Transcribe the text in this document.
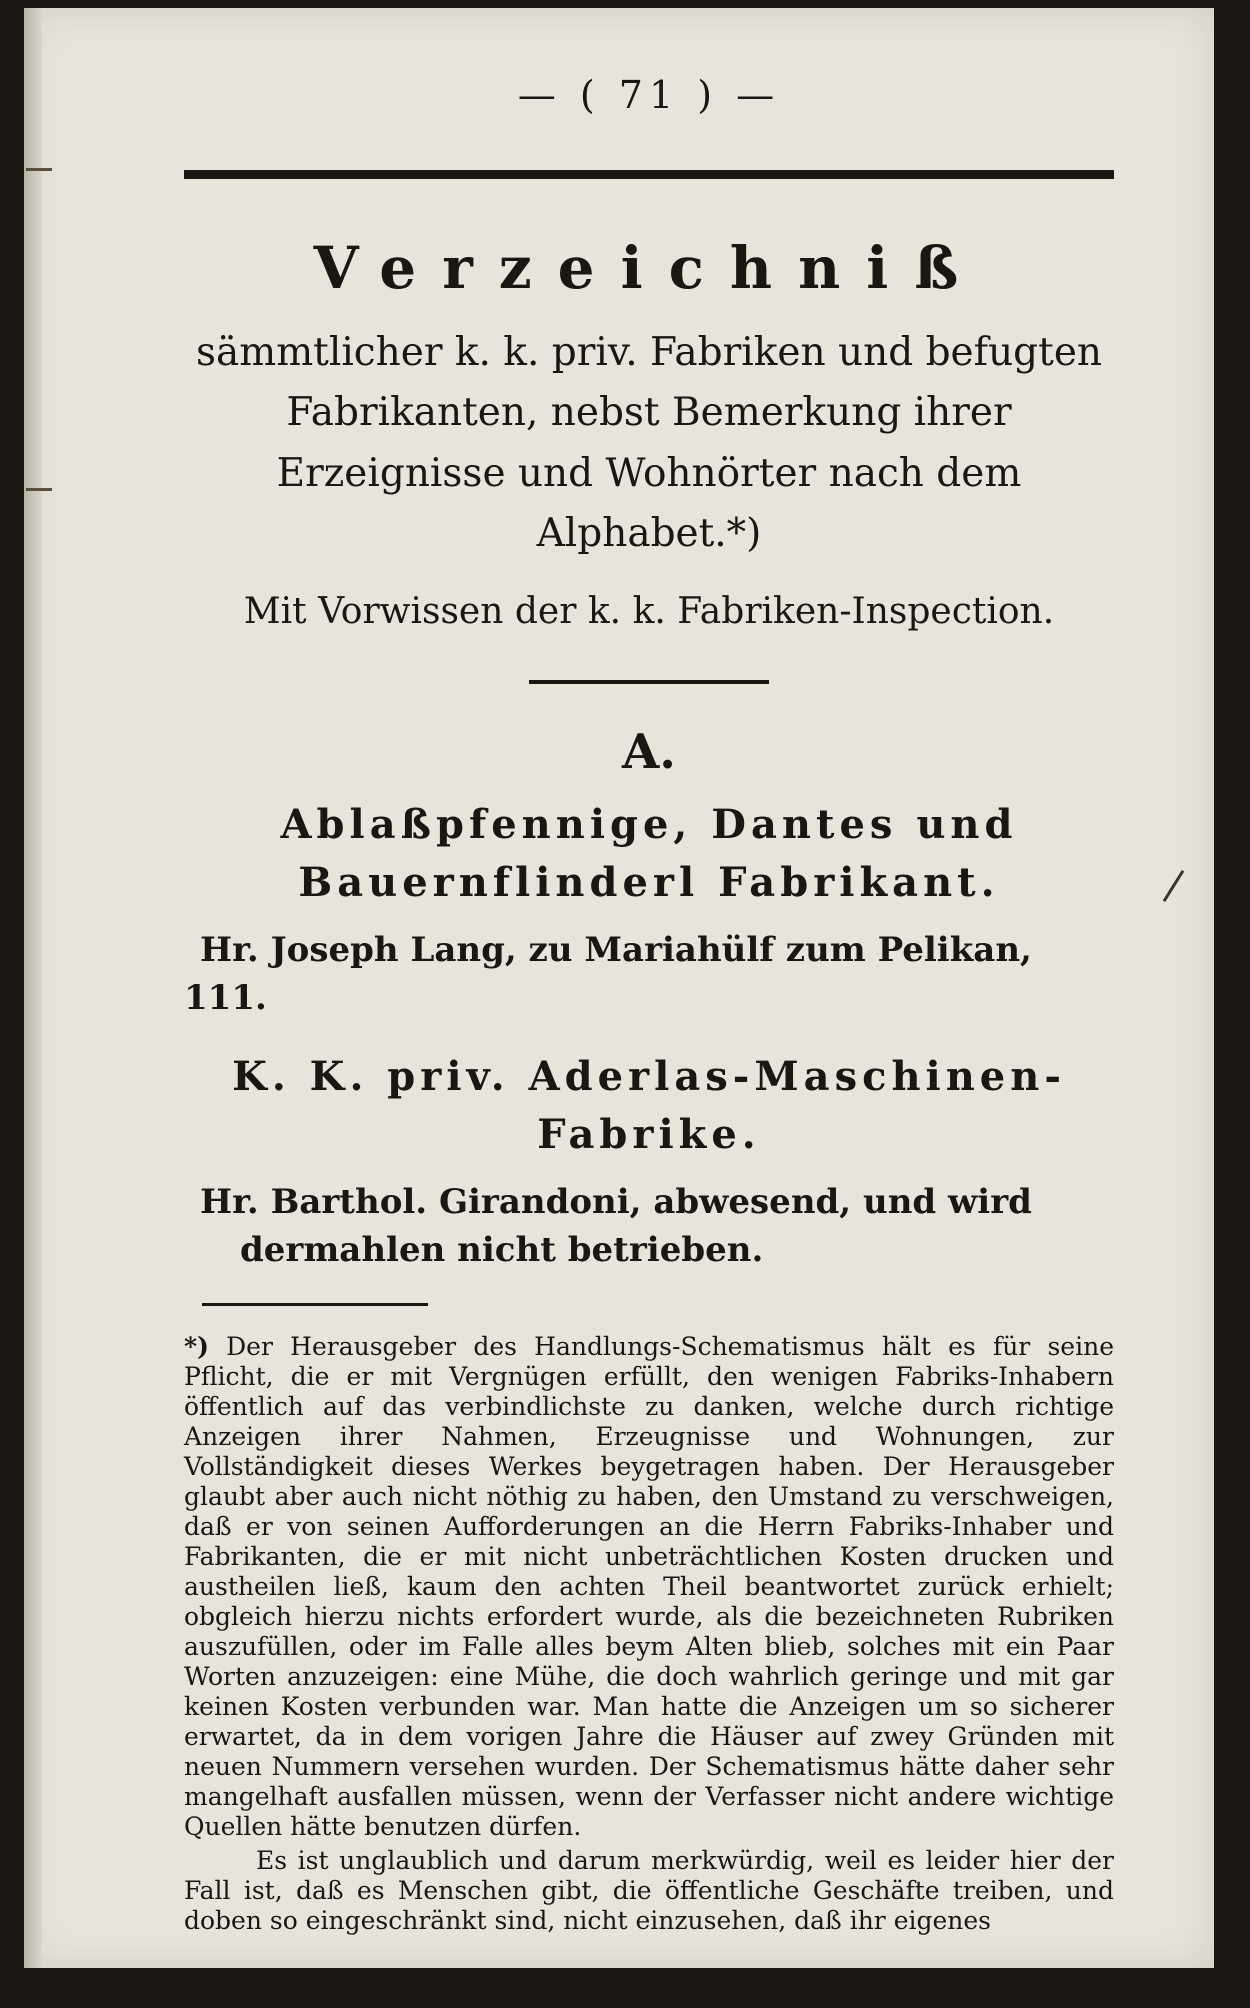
— ( 71 ) —
Verzeichniß

sämmtlicher k. k. priv. Fabriken und befugten Fabrikanten, nebst Bemerkung ihrer Erzeignisse und Wohnörter nach dem Alphabet.*)

Mit Vorwissen der k. k. Fabriken-Inspection.

A.
Ablaßpfennige, Dantes und Bauernflinderl Fabrikant.

Hr. Joseph Lang, zu Mariahülf zum Pelikan, 111.

K. K. priv. Aderlas-Maschinen-Fabrike.

Hr. Barthol. Girandoni, abwesend, und wird dermahlen nicht betrieben.

*) Der Herausgeber des Handlungs-Schematismus hält es für seine Pflicht, die er mit Vergnügen erfüllt, den wenigen Fabriks-Inhabern öffentlich auf das verbindlichste zu danken, welche durch richtige Anzeigen ihrer Nahmen, Erzeugnisse und Wohnungen, zur Vollständigkeit dieses Werkes beygetragen haben. Der Herausgeber glaubt aber auch nicht nöthig zu haben, den Umstand zu verschweigen, daß er von seinen Aufforderungen an die Herrn Fabriks-Inhaber und Fabrikanten, die er mit nicht unbeträchtlichen Kosten drucken und austheilen ließ, kaum den achten Theil beantwortet zurück erhielt; obgleich hierzu nichts erfordert wurde, als die bezeichneten Rubriken auszufüllen, oder im Falle alles beym Alten blieb, solches mit ein Paar Worten anzuzeigen: eine Mühe, die doch wahrlich geringe und mit gar keinen Kosten verbunden war. Man hatte die Anzeigen um so sicherer erwartet, da in dem vorigen Jahre die Häuser auf zwey Gründen mit neuen Nummern versehen wurden. Der Schematismus hätte daher sehr mangelhaft ausfallen müssen, wenn der Verfasser nicht andere wichtige Quellen hätte benutzen dürfen.

Es ist unglaublich und darum merkwürdig, weil es leider hier der Fall ist, daß es Menschen gibt, die öffentliche Geschäfte treiben, und doben so eingeschränkt sind, nicht einzusehen, daß ihr eigenes
